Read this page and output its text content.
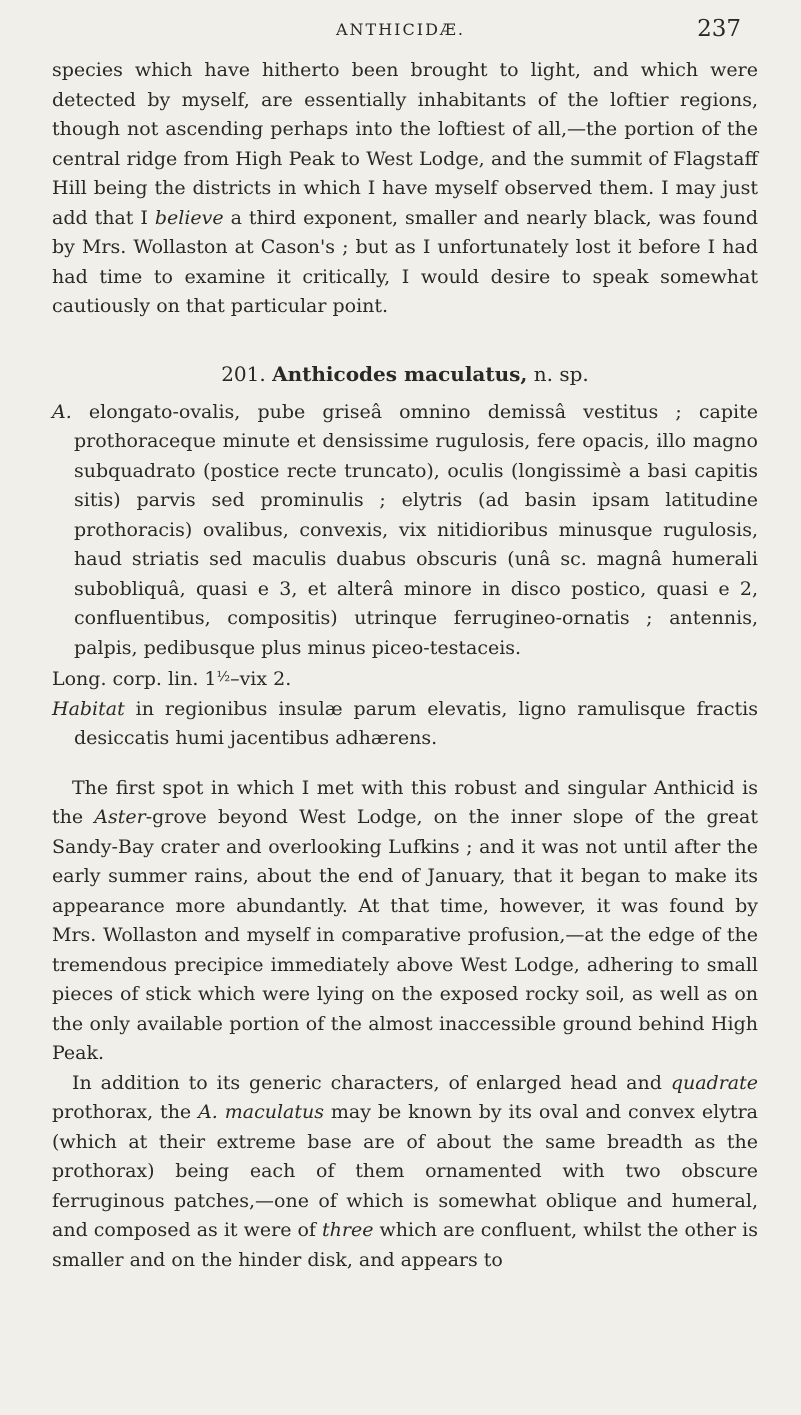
ANTHICIDÆ.	237

species which have hitherto been brought to light, and which were detected by myself, are essentially inhabitants of the loftier regions, though not ascending perhaps into the loftiest of all,—the portion of the central ridge from High Peak to West Lodge, and the summit of Flagstaff Hill being the districts in which I have myself observed them. I may just add that I believe a third exponent, smaller and nearly black, was found by Mrs. Wollaston at Cason's ; but as I unfortunately lost it before I had had time to examine it critically, I would desire to speak somewhat cautiously on that particular point.

201. Anthicodes maculatus, n. sp.

A. elongato-ovalis, pube griseâ omnino demissâ vestitus ; capite prothoraceque minute et densissime rugulosis, fere opacis, illo magno subquadrato (postice recte truncato), oculis (longissimè a basi capitis sitis) parvis sed prominulis ; elytris (ad basin ipsam latitudine prothoracis) ovalibus, convexis, vix nitidioribus minusque rugulosis, haud striatis sed maculis duabus obscuris (unâ sc. magnâ humerali subobliquâ, quasi e 3, et alterâ minore in disco postico, quasi e 2, confluentibus, compositis) utrinque ferrugineo-ornatis ; antennis, palpis, pedibusque plus minus piceo-testaceis.

Long. corp. lin. $1^{\frac{1}{2}}$–vix 2.

Habitat in regionibus insulæ parum elevatis, ligno ramulisque fractis desiccatis humi jacentibus adhærens.

The first spot in which I met with this robust and singular Anthicid is the Aster-grove beyond West Lodge, on the inner slope of the great Sandy-Bay crater and overlooking Lufkins ; and it was not until after the early summer rains, about the end of January, that it began to make its appearance more abundantly. At that time, however, it was found by Mrs. Wollaston and myself in comparative profusion,—at the edge of the tremendous precipice immediately above West Lodge, adhering to small pieces of stick which were lying on the exposed rocky soil, as well as on the only available portion of the almost inaccessible ground behind High Peak.

In addition to its generic characters, of enlarged head and quadrate prothorax, the A. maculatus may be known by its oval and convex elytra (which at their extreme base are of about the same breadth as the prothorax) being each of them ornamented with two obscure ferruginous patches,—one of which is somewhat oblique and humeral, and composed as it were of three which are confluent, whilst the other is smaller and on the hinder disk, and appears to
